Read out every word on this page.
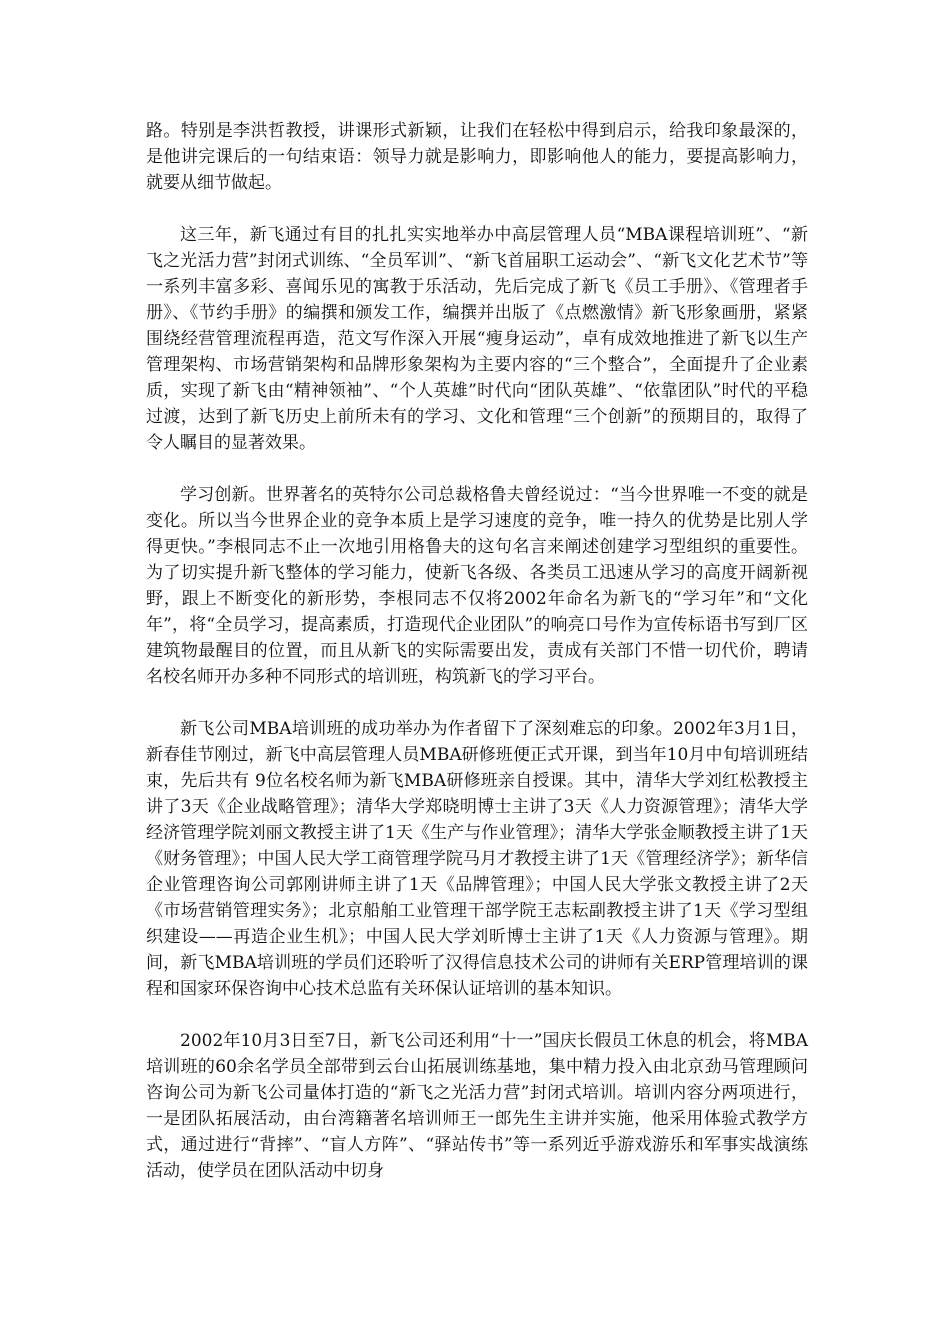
路。特别是李洪哲教授，讲课形式新颖，让我们在轻松中得到启示，给我印象最深的，是他讲完课后的一句结束语：领导力就是影响力，即影响他人的能力，要提高影响力，就要从细节做起。

这三年，新飞通过有目的扎扎实实地举办中高层管理人员“MBA课程培训班”、“新飞之光活力营”封闭式训练、“全员军训”、“新飞首届职工运动会”、“新飞文化艺术节”等一系列丰富多彩、喜闻乐见的寓教于乐活动，先后完成了新飞《员工手册》、《管理者手册》、《节约手册》的编撰和颁发工作，编撰并出版了《点燃激情》新飞形象画册，紧紧围绕经营管理流程再造，范文写作深入开展“瘦身运动”，卓有成效地推进了新飞以生产管理架构、市场营销架构和品牌形象架构为主要内容的“三个整合”，全面提升了企业素质，实现了新飞由“精神领袖”、“个人英雄”时代向“团队英雄”、“依靠团队”时代的平稳过渡，达到了新飞历史上前所未有的学习、文化和管理“三个创新”的预期目的，取得了令人瞩目的显著效果。

学习创新。世界著名的英特尔公司总裁格鲁夫曾经说过：“当今世界唯一不变的就是变化。所以当今世界企业的竞争本质上是学习速度的竞争，唯一持久的优势是比别人学得更快。”李根同志不止一次地引用格鲁夫的这句名言来阐述创建学习型组织的重要性。为了切实提升新飞整体的学习能力，使新飞各级、各类员工迅速从学习的高度开阔新视野，跟上不断变化的新形势，李根同志不仅将2002年命名为新飞的“学习年”和“文化年”，将“全员学习，提高素质，打造现代企业团队”的响亮口号作为宣传标语书写到厂区建筑物最醒目的位置，而且从新飞的实际需要出发，责成有关部门不惜一切代价，聘请名校名师开办多种不同形式的培训班，构筑新飞的学习平台。

新飞公司MBA培训班的成功举办为作者留下了深刻难忘的印象。2002年3月1日，新春佳节刚过，新飞中高层管理人员MBA研修班便正式开课，到当年10月中旬培训班结束，先后共有 9位名校名师为新飞MBA研修班亲自授课。其中，清华大学刘红松教授主讲了3天《企业战略管理》；清华大学郑晓明博士主讲了3天《人力资源管理》；清华大学经济管理学院刘丽文教授主讲了1天《生产与作业管理》；清华大学张金顺教授主讲了1天《财务管理》；中国人民大学工商管理学院马月才教授主讲了1天《管理经济学》；新华信企业管理咨询公司郭刚讲师主讲了1天《品牌管理》；中国人民大学张文教授主讲了2天《市场营销管理实务》；北京船舶工业管理干部学院王志耘副教授主讲了1天《学习型组织建设——再造企业生机》；中国人民大学刘昕博士主讲了1天《人力资源与管理》。期间，新飞MBA培训班的学员们还聆听了汉得信息技术公司的讲师有关ERP管理培训的课程和国家环保咨询中心技术总监有关环保认证培训的基本知识。

2002年10月3日至7日，新飞公司还利用“十一”国庆长假员工休息的机会，将MBA培训班的60余名学员全部带到云台山拓展训练基地，集中精力投入由北京劲马管理顾问咨询公司为新飞公司量体打造的“新飞之光活力营”封闭式培训。培训内容分两项进行，一是团队拓展活动，由台湾籍著名培训师王一郎先生主讲并实施，他采用体验式教学方式，通过进行“背摔”、“盲人方阵”、“驿站传书”等一系列近乎游戏游乐和军事实战演练活动，使学员在团队活动中切身
